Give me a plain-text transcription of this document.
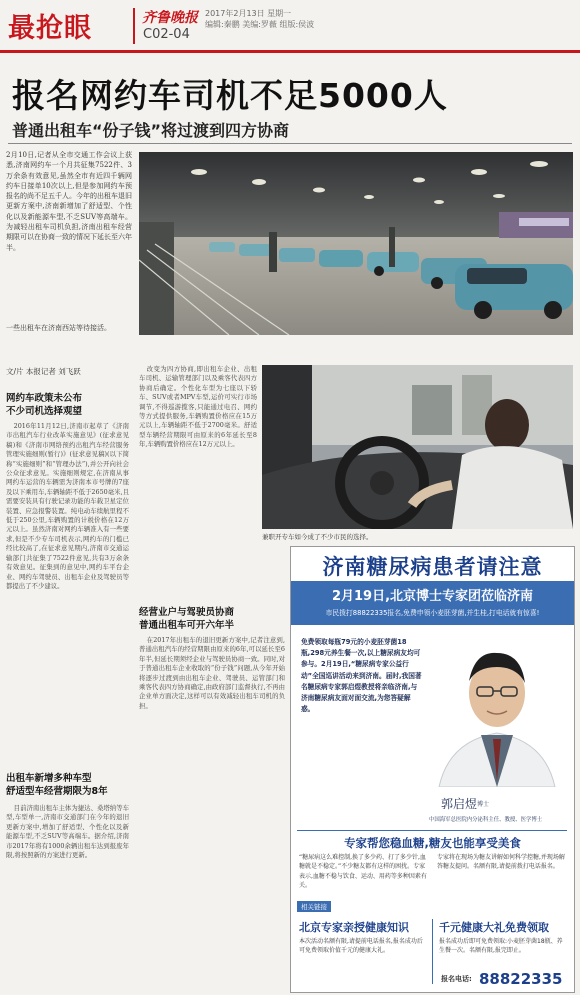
最抢眼	齐鲁晚报 2017年2月13日 星期一
编辑:秦鹏 美编:罗薇 组版:侯波
C02-04
报名网约车司机不足5000人
普通出租车“份子钱”将过渡到四方协商
2月10日,记者从全市交通工作会议上获悉,济南网约车一个月共征集7522件、3万余条有效意见,虽然全市有近四千辆网约车日接单10次以上,但是参加网约车预报名的尚不足五千人。今年的出租车退旧更新方案中,济南新增加了舒适型、个性化以及新能源车型,不乏SUV等高端车。为减轻出租车司机负担,济南出租车经营期限可以在协商一致的情况下延长至六年半。
一些出租车在济南西站等待接活。
文/片 本报记者 刘飞跃
网约车政策未公布
不少司机选择观望

2016年11月12日,济南市起草了《济南市出租汽车行业改革实施意见》(征求意见稿)和《济南市网络预约出租汽车经营服务管理实施细则(暂行)》(征求意见稿)(以下简称“实施细则”和“管理办法”),并公开向社会公众征求意见。实施细则规定,在济南从事网约车运营的车辆需为济南本市号牌的7座及以下乘用车,车辆轴距不低于2650毫米,且需要安装具有行驶记录功能的车载卫星定位装置、应急报警装置。纯电动车续航里程不低于250公里,车辆购置的计税价格在12万元以上。虽然济南对网约车辆准入有一些要求,但是不少专车司机表示,网约车的门槛已经比较高了,在征求意见期内,济南市交通运输部门共征集了7522件意见,共有3万余条有效意见。征集到的意见中,网约车平台企业、网约车驾驶员、出租车企业及驾驶员等都提出了不少建议。

出租车新增多种车型
舒适型车经营期限为8年

目前济南出租车主体为捷达、桑塔纳等车型,车型单一,济南市交通部门在今年的退旧更新方案中,增加了舒适型、个性化以及新能源车型,不乏SUV等高端车。据介绍,济南市2017年将有1000余辆出租车达到报废年限,将按照新的方案进行更新。

改变为四方协商,即出租车企业、出租车司机、运输管理部门以及乘客代表四方协商后确定。个性化车型为七座以下轿车、SUV或者MPV车型,运价可实行市场调节,不得巡游揽客,只能通过电召、网约等方式提供服务,车辆购置价格应在15万元以上,车辆轴距不低于2700毫米。舒适型车辆经营期限可由原来的6年延长至8年,车辆购置价格应在12万元以上。

经营业户与驾驶员协商
普通出租车可开六年半

在2017年出租车的退旧更新方案中,记者注意到,普通出租汽车的经营期限由原来的6年,可以延长至6年半,但延长期须经企业与驾驶员协商一致。同时,对于普通出租车企业收取的“份子钱”问题,从今年开始将逐步过渡到由出租车企业、驾驶员、运管部门和乘客代表四方协商确定,由政府部门监督执行,不再由企业单方面决定,这样可以有效减轻出租车司机的负担。

兼职开专车如今成了不少市民的选择。
济南糖尿病患者请注意
2月19日,北京博士专家团莅临济南
市民拨打88822335报名,免费申领小麦胚芽菌,并生桂,打电话就有惊喜!
免费领取每瓶79元的小麦胚芽菌18瓶,298元养生餐一次,以上糖尿病友均可参与。2月19日,“糖尿病专家公益行动”全国巡讲活动来到济南。届时,我国著名糖尿病专家郭启煜教授将亲临济南,与济南糖尿病友面对面交流,为您答疑解惑。
郭启煜 博士
中国海军总医院内分泌科主任、教授、医学博士
专家帮您稳血糖,糖友也能享受美食
“糖尿病这么难控制,换了多少药、打了多少针,血糖就是不稳定。”不少糖友都有这样的困扰。专家表示,血糖不稳与饮食、运动、用药等多种因素有关。
专家将在现场为糖友讲解如何科学控糖,并现场解答糖友提问。名额有限,请提前拨打电话报名。
相关链接
北京专家亲授健康知识	千元健康大礼免费领取
本次活动名额有限,请提前电话报名,报名成功后可免费领取价值千元的健康大礼。
报名成功后即可免费领取:小麦胚芽菌18瓶、养生餐一次。名额有限,报完即止。
报名电话: 88822335
